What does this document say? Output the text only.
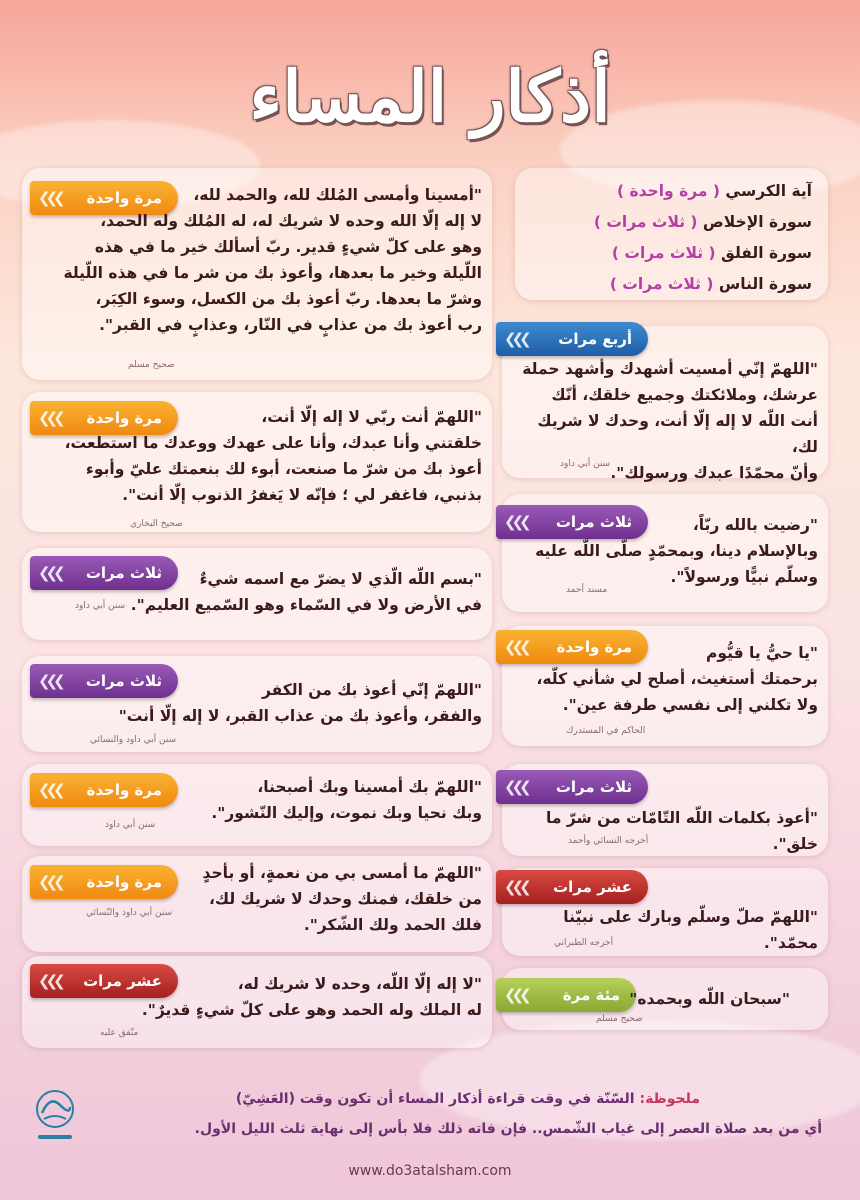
أذكار المساء
آية الكرسي ( مرة واحدة )
سورة الإخلاص ( ثلاث مرات )
سورة الفلق ( ثلاث مرات )
سورة الناس ( ثلاث مرات )
مرة واحدة
❯❯❯	"أمسينا وأمسى المُلك لله، والحمد لله،
لا إله إلّا الله وحده لا شريك له، له المُلك وله الحمد،
وهو على كلّ شيءٍ قدير. ربّ أسألك خير ما في هذه
اللّيلة وخير ما بعدها، وأعوذ بك من شر ما في هذه اللّيلة
وشرّ ما بعدها. ربّ أعوذ بك من الكسل، وسوء الكِبَر،
رب أعوذ بك من عذابٍ في النّار، وعذابٍ في القبر".
صحيح مسلم
مرة واحدة
❯❯❯	"اللهمّ أنت ربّي لا إله إلّا أنت،
خلقتني وأنا عبدك، وأنا على عهدك ووعدك ما استطعت،
أعوذ بك من شرّ ما صنعت، أبوء لك بنعمتك عليّ وأبوء
بذنبي، فاغفر لي ؛ فإنّه لا يَغفرُ الذنوب إلّا أنت".
صحيح البخاري
ثلاث مرات
❯❯❯	"بسم اللّه الّذي لا يضرّ مع اسمه شيءٌ
في الأرض ولا في السّماء وهو السّميع العليم".
سنن أبي داود
ثلاث مرات
❯❯❯	"اللهمّ إنّي أعوذ بك من الكفر
والفقر، وأعوذ بك من عذاب القبر، لا إله إلّا أنت"
سنن أبي داود والنسائي
مرة واحدة
❯❯❯	"اللهمّ بك أمسينا وبك أصبحنا،
وبك نحيا وبك نموت، وإليك النّشور".
سنن أبي داود
مرة واحدة
❯❯❯	"اللهمّ ما أمسى بي من نعمةٍ، أو بأحدٍ
من خلقك، فمنك وحدك لا شريك لك،
فلك الحمد ولك الشّكر".
سنن أبي داود والنّسائي
عشر مرات
❯❯❯	"لا إله إلّا اللّه، وحده لا شريك له،
له الملك وله الحمد وهو على كلّ شيءٍ قديرٌ".
متّفق عليه
أربع مرات
❯❯❯
"اللهمّ إنّي أمسيت أشهدك وأشهد حملة
عرشك، وملائكتك وجميع خلقك، أنّك
أنت اللّه لا إله إلّا أنت، وحدك لا شريك لك،
وأنّ محمّدًا عبدك ورسولك".
سنن أبي داود
ثلاث مرات
❯❯❯	"رضيت بالله ربّاً،
وبالإسلام دينا، وبمحمّدٍ صلّى اللّه عليه
وسلّم نبيًّا ورسولاً".
مسند أحمد
مرة واحدة
❯❯❯	"يا حيُّ يا قيُّوم
برحمتك أستغيث، أصلح لي شأني كلّه،
ولا تكلني إلى نفسي طرفة عين".
الحاكم في المستدرك
ثلاث مرات
❯❯❯
"أعوذ بكلمات اللّه التّامّات من شرّ ما خلق".
أخرجه النسائي وأحمد
عشر مرات
❯❯❯
"اللهمّ صلّ وسلّم وبارك على نبيّنا محمّد".
أخرجه الطبراني
مئة مرة
❯❯❯	"سبحان اللّه وبحمده"
صحيح مسلم
ملحوظة: السّنّة في وقت قراءة أذكار المساء أن تكون وقت (العَشِيّ)
أي من بعد صلاة العصر إلى غياب الشّمس.. فإن فاته ذلك فلا بأس إلى نهاية ثلث الليل الأول.
www.do3atalsham.com
